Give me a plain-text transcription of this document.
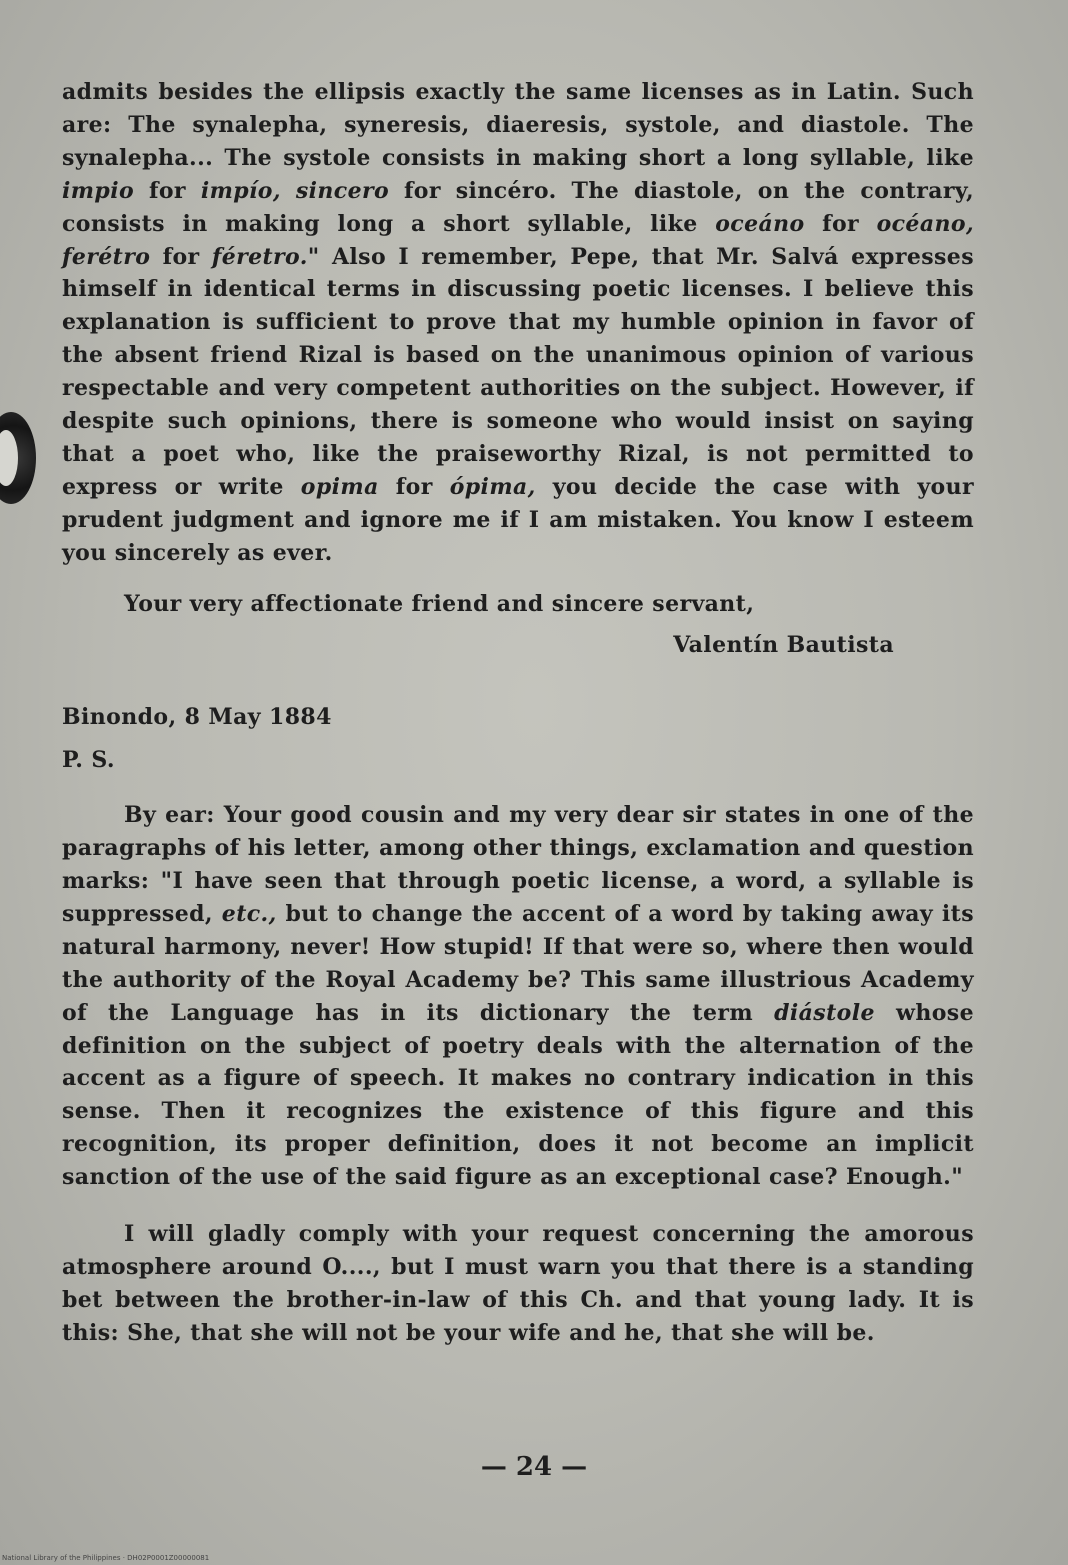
admits besides the ellipsis exactly the same licenses as in Latin. Such are: The synalepha, syneresis, diaeresis, systole, and diastole. The synalepha... The systole consists in making short a long syllable, like impio for impío, sincero for sincéro. The diastole, on the contrary, consists in making long a short syllable, like oceáno for océano, ferétro for féretro." Also I remember, Pepe, that Mr. Salvá expresses himself in identical terms in discussing poetic licenses. I believe this explanation is sufficient to prove that my humble opinion in favor of the absent friend Rizal is based on the unanimous opinion of various respectable and very competent authorities on the subject. However, if despite such opinions, there is someone who would insist on saying that a poet who, like the praiseworthy Rizal, is not permitted to express or write opima for ópima, you decide the case with your prudent judgment and ignore me if I am mistaken. You know I esteem you sincerely as ever.

Your very affectionate friend and sincere servant,

Valentín Bautista

Binondo, 8 May 1884

P. S.

By ear: Your good cousin and my very dear sir states in one of the paragraphs of his letter, among other things, exclamation and question marks: "I have seen that through poetic license, a word, a syllable is suppressed, etc., but to change the accent of a word by taking away its natural harmony, never! How stupid! If that were so, where then would the authority of the Royal Academy be? This same illustrious Academy of the Language has in its dictionary the term diástole whose definition on the subject of poetry deals with the alternation of the accent as a figure of speech. It makes no contrary indication in this sense. Then it recognizes the existence of this figure and this recognition, its proper definition, does it not become an implicit sanction of the use of the said figure as an exceptional case? Enough."

I will gladly comply with your request concerning the amorous atmosphere around O...., but I must warn you that there is a standing bet between the brother-in-law of this Ch. and that young lady. It is this: She, that she will not be your wife and he, that she will be.

— 24 —
National Library of the Philippines · DH02P0001Z00000081
